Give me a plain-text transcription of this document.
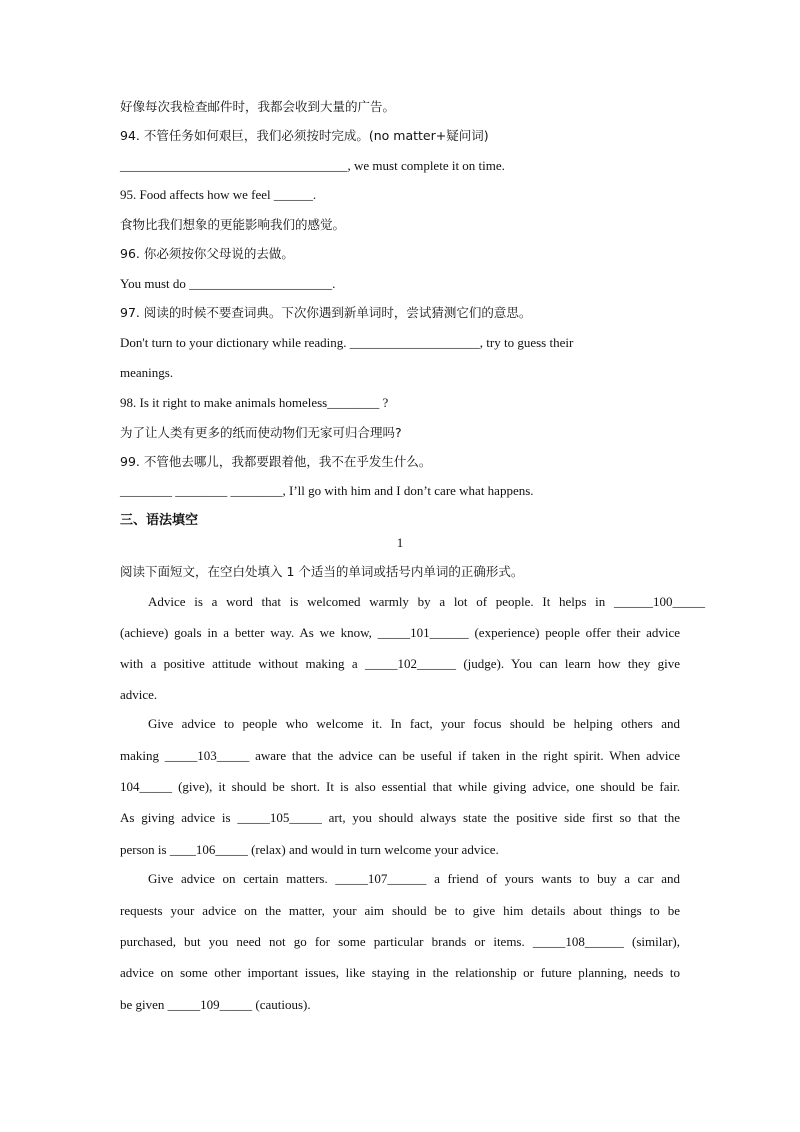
好像每次我检查邮件时，我都会收到大量的广告。
94. 不管任务如何艰巨，我们必须按时完成。(no matter+疑问词)
___________________________________, we must complete it on time.
95. Food affects how we feel ______.
食物比我们想象的更能影响我们的感觉。
96. 你必须按你父母说的去做。
You must do ______________________.
97. 阅读的时候不要查词典。下次你遇到新单词时，尝试猜测它们的意思。
Don't turn to your dictionary while reading. ____________________, try to guess their
meanings.
98. Is it right to make animals homeless________ ?
为了让人类有更多的纸而使动物们无家可归合理吗?
99. 不管他去哪儿，我都要跟着他，我不在乎发生什么。
________ ________ ________, I’ll go with him and I don’t care what happens.
三、语法填空
1
阅读下面短文，在空白处填入 1 个适当的单词或括号内单词的正确形式。
Advice is a word that is welcomed warmly by a lot of people. It helps in ______100_____
(achieve) goals in a better way. As we know, _____101______ (experience) people offer their advice
with a positive attitude without making a _____102______ (judge). You can learn how they give
advice.
Give advice to people who welcome it. In fact, your focus should be helping others and
making _____103_____ aware that the advice can be useful if taken in the right spirit. When advice
104_____ (give), it should be short. It is also essential that while giving advice, one should be fair.
As giving advice is _____105_____ art, you should always state the positive side first so that the
person is ____106_____ (relax) and would in turn welcome your advice.
Give advice on certain matters. _____107______ a friend of yours wants to buy a car and
requests your advice on the matter, your aim should be to give him details about things to be
purchased, but you need not go for some particular brands or items. _____108______ (similar),
advice on some other important issues, like staying in the relationship or future planning, needs to
be given _____109_____ (cautious).
